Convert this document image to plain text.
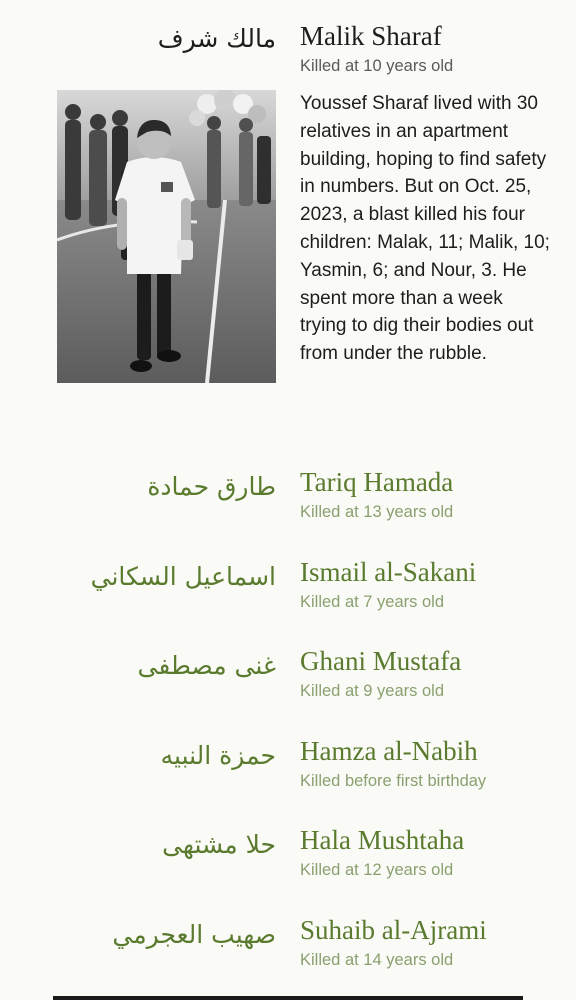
مالك شرف Malik Sharaf
Killed at 10 years old

Youssef Sharaf lived with 30 relatives in an apartment building, hoping to find safety in numbers. But on Oct. 25, 2023, a blast killed his four children: Malak, 11; Malik, 10; Yasmin, 6; and Nour, 3. He spent more than a week trying to dig their bodies out from under the rubble.

طارق حمادة Tariq Hamada
Killed at 13 years old
اسماعيل السكاني Ismail al-Sakani
Killed at 7 years old
غنى مصطفى Ghani Mustafa
Killed at 9 years old
حمزة النبيه Hamza al-Nabih
Killed before first birthday
حلا مشتهى Hala Mushtaha
Killed at 12 years old
صهيب العجرمي Suhaib al-Ajrami
Killed at 14 years old
